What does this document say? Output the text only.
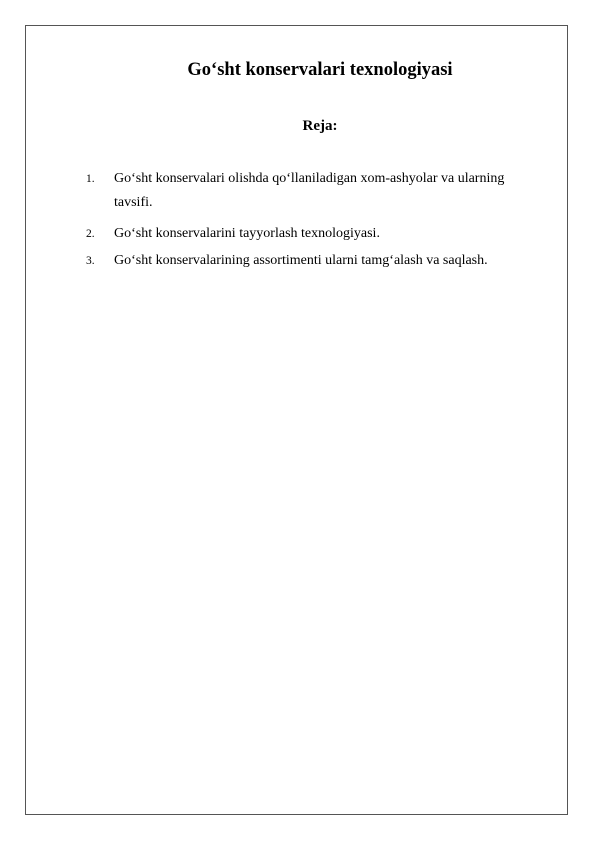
Go‘sht konservalari texnologiyasi
Reja:
1. Go‘sht konservalari olishda qo‘llaniladigan xom-ashyolar va ularning tavsifi.
2. Go‘sht konservalarini tayyorlash texnologiyasi.
3. Go‘sht konservalarining assortimenti ularni tamg‘alash va saqlash.
